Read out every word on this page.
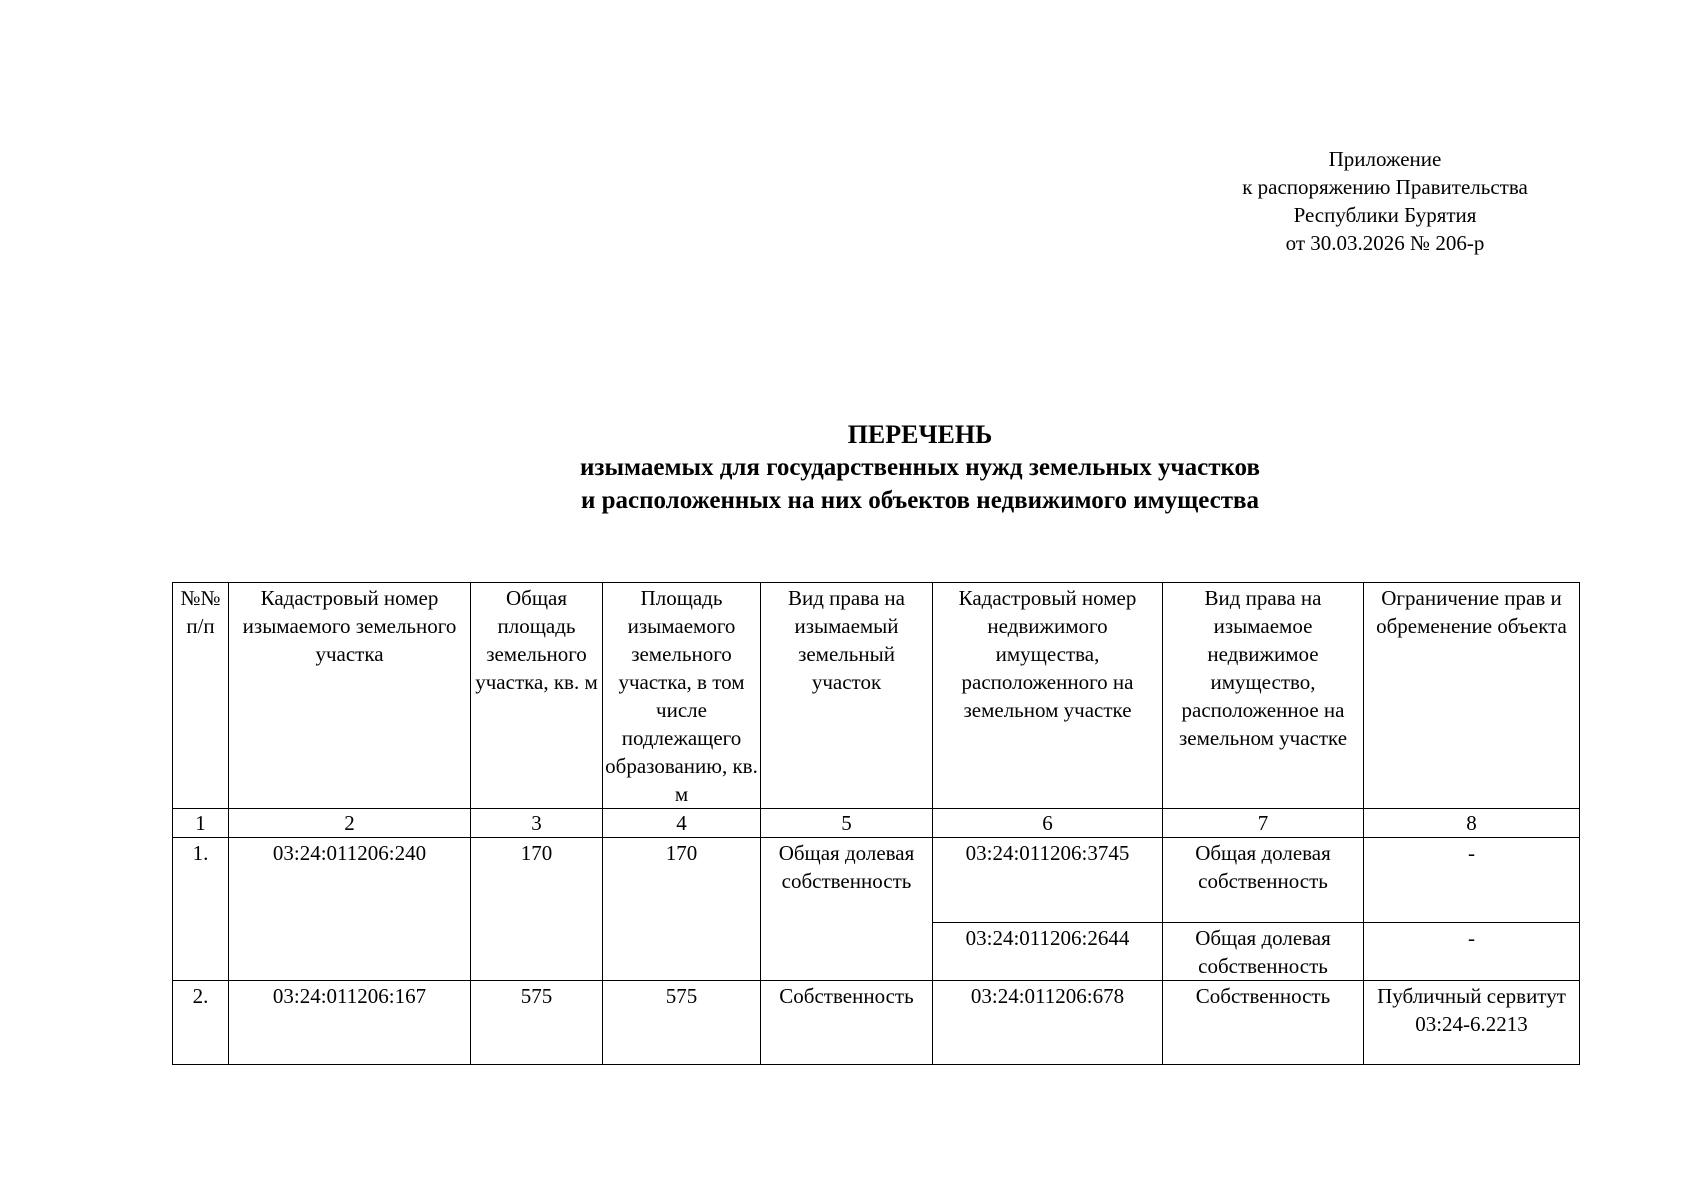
Приложение
к распоряжению Правительства
Республики Бурятия
от 30.03.2026 № 206-р
ПЕРЕЧЕНЬ
изымаемых для государственных нужд земельных участков
и расположенных на них объектов недвижимого имущества
№№ п/п	Кадастровый номер изымаемого земельного участка	Общая площадь земельного участка, кв. м	Площадь изымаемого земельного участка, в том числе подлежащего образованию, кв. м	Вид права на изымаемый земельный участок	Кадастровый номер недвижимого имущества, расположенного на земельном участке	Вид права на изымаемое недвижимое имущество, расположенное на земельном участке	Ограничение прав и обременение объекта
1	2	3	4	5	6	7	8
1.	03:24:011206:240	170	170	Общая долевая собственность	03:24:011206:3745	Общая долевая собственность	-
					03:24:011206:2644	Общая долевая собственность	-
2.	03:24:011206:167	575	575	Собственность	03:24:011206:678	Собственность	Публичный сервитут 03:24-6.2213
